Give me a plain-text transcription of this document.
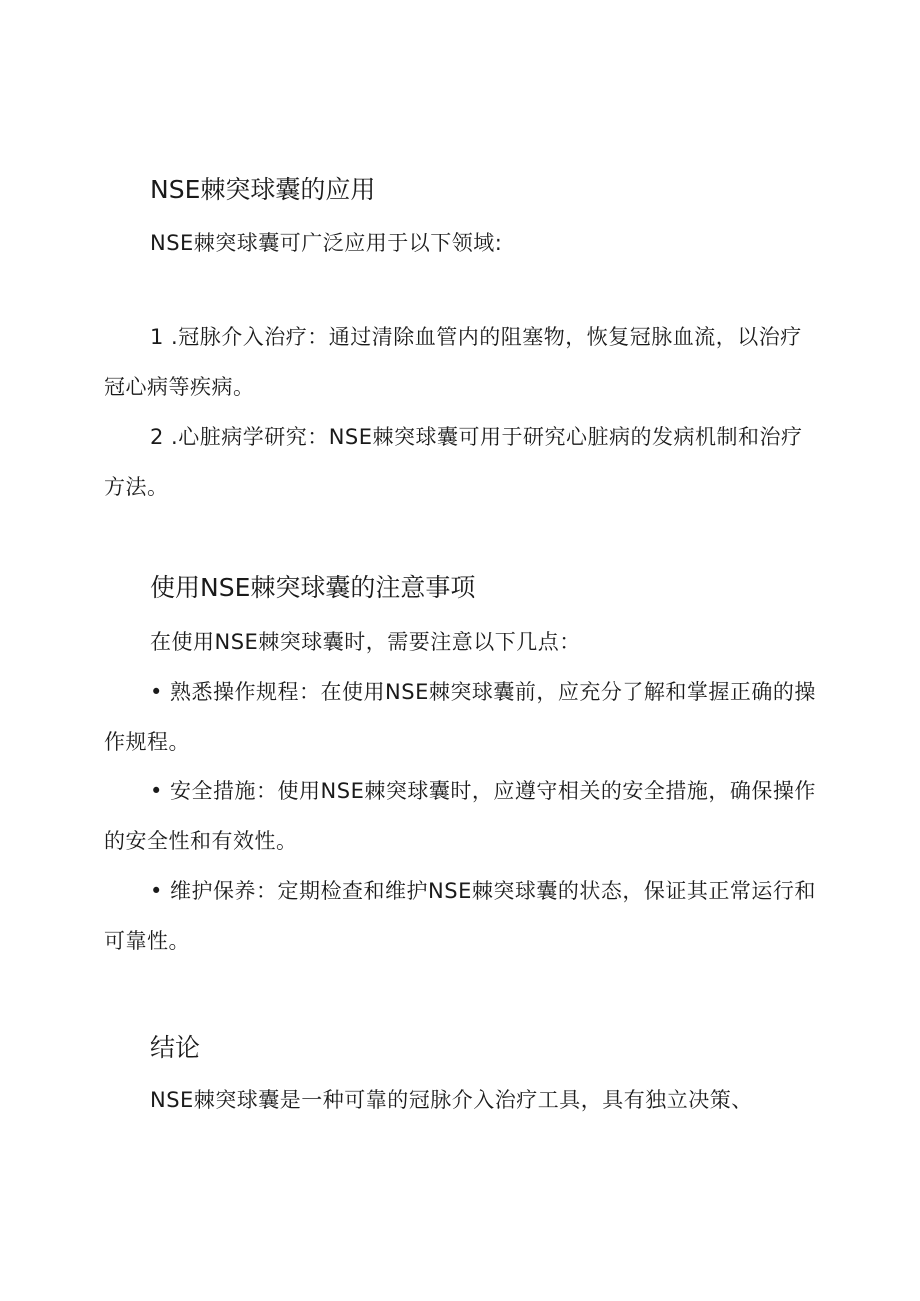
NSE棘突球囊的应用

NSE棘突球囊可广泛应用于以下领域:

1 .冠脉介入治疗：通过清除血管内的阻塞物，恢复冠脉血流，以治疗冠心病等疾病。

2 .心脏病学研究：NSE棘突球囊可用于研究心脏病的发病机制和治疗方法。

使用NSE棘突球囊的注意事项

在使用NSE棘突球囊时，需要注意以下几点：

• 熟悉操作规程：在使用NSE棘突球囊前，应充分了解和掌握正确的操作规程。

• 安全措施：使用NSE棘突球囊时，应遵守相关的安全措施，确保操作的安全性和有效性。

• 维护保养：定期检查和维护NSE棘突球囊的状态，保证其正常运行和可靠性。

结论

NSE棘突球囊是一种可靠的冠脉介入治疗工具，具有独立决策、
